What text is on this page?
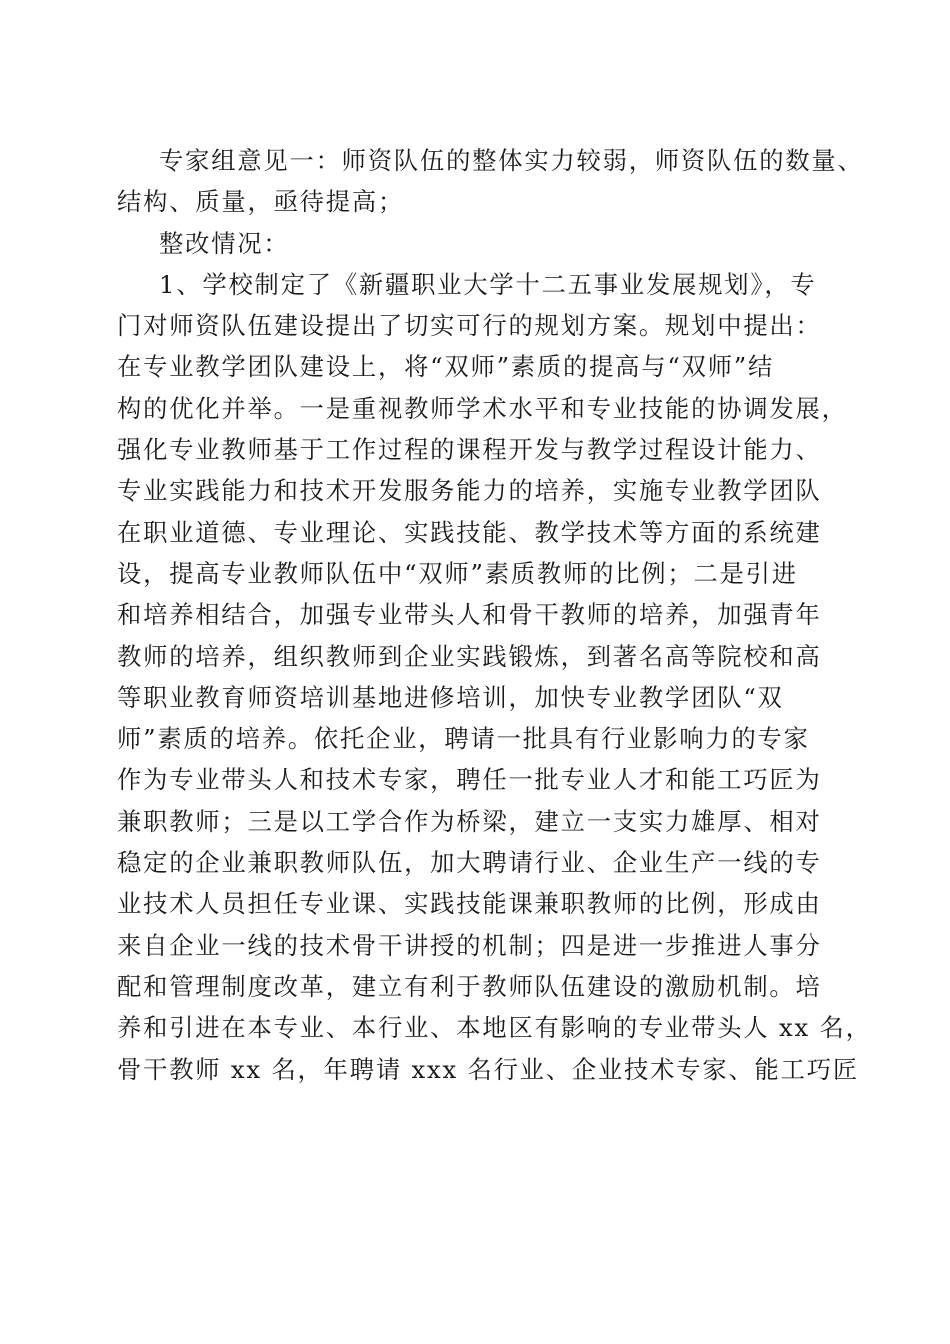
专家组意见一：师资队伍的整体实力较弱，师资队伍的数量、
结构、质量，亟待提高；
整改情况：
1、学校制定了《新疆职业大学十二五事业发展规划》，专
门对师资队伍建设提出了切实可行的规划方案。规划中提出：
在专业教学团队建设上，将“双师”素质的提高与“双师”结
构的优化并举。一是重视教师学术水平和专业技能的协调发展，
强化专业教师基于工作过程的课程开发与教学过程设计能力、
专业实践能力和技术开发服务能力的培养，实施专业教学团队
在职业道德、专业理论、实践技能、教学技术等方面的系统建
设，提高专业教师队伍中“双师”素质教师的比例；二是引进
和培养相结合，加强专业带头人和骨干教师的培养，加强青年
教师的培养，组织教师到企业实践锻炼，到著名高等院校和高
等职业教育师资培训基地进修培训，加快专业教学团队“双
师”素质的培养。依托企业，聘请一批具有行业影响力的专家
作为专业带头人和技术专家，聘任一批专业人才和能工巧匠为
兼职教师；三是以工学合作为桥梁，建立一支实力雄厚、相对
稳定的企业兼职教师队伍，加大聘请行业、企业生产一线的专
业技术人员担任专业课、实践技能课兼职教师的比例，形成由
来自企业一线的技术骨干讲授的机制；四是进一步推进人事分
配和管理制度改革，建立有利于教师队伍建设的激励机制。培
养和引进在本专业、本行业、本地区有影响的专业带头人 xx 名，
骨干教师 xx 名，年聘请 xxx 名行业、企业技术专家、能工巧匠
